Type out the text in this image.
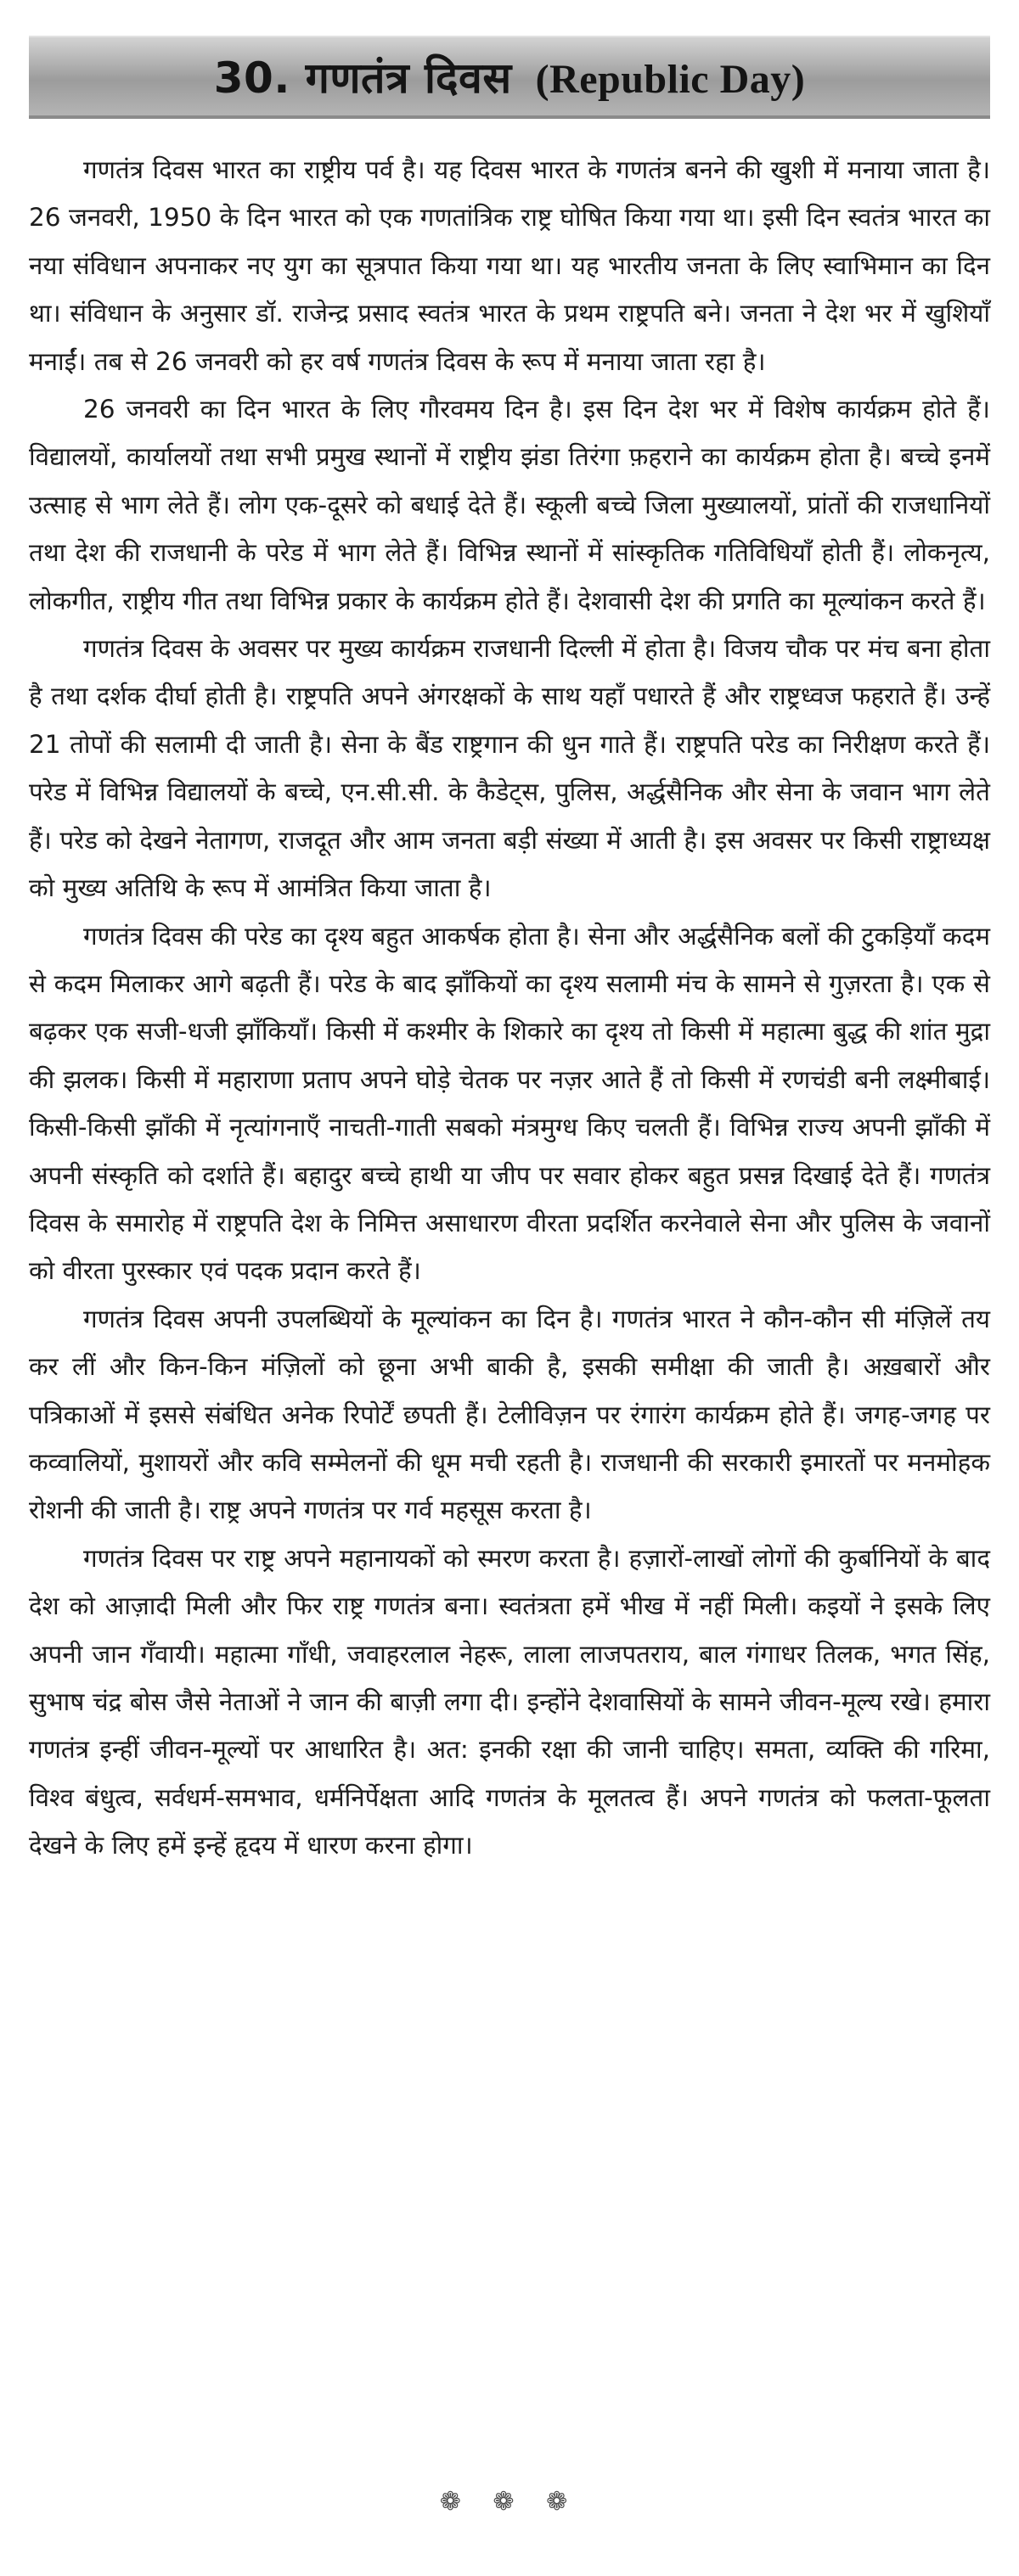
30. गणतंत्र दिवस (Republic Day)

गणतंत्र दिवस भारत का राष्ट्रीय पर्व है। यह दिवस भारत के गणतंत्र बनने की खुशी में मनाया जाता है। 26 जनवरी, 1950 के दिन भारत को एक गणतांत्रिक राष्ट्र घोषित किया गया था। इसी दिन स्वतंत्र भारत का नया संविधान अपनाकर नए युग का सूत्रपात किया गया था। यह भारतीय जनता के लिए स्वाभिमान का दिन था। संविधान के अनुसार डॉ. राजेन्द्र प्रसाद स्वतंत्र भारत के प्रथम राष्ट्रपति बने। जनता ने देश भर में खुशियाँ मनाईं। तब से 26 जनवरी को हर वर्ष गणतंत्र दिवस के रूप में मनाया जाता रहा है।

26 जनवरी का दिन भारत के लिए गौरवमय दिन है। इस दिन देश भर में विशेष कार्यक्रम होते हैं। विद्यालयों, कार्यालयों तथा सभी प्रमुख स्थानों में राष्ट्रीय झंडा तिरंगा फ़हराने का कार्यक्रम होता है। बच्चे इनमें उत्साह से भाग लेते हैं। लोग एक-दूसरे को बधाई देते हैं। स्कूली बच्चे जिला मुख्यालयों, प्रांतों की राजधानियों तथा देश की राजधानी के परेड में भाग लेते हैं। विभिन्न स्थानों में सांस्कृतिक गतिविधियाँ होती हैं। लोकनृत्य, लोकगीत, राष्ट्रीय गीत तथा विभिन्न प्रकार के कार्यक्रम होते हैं। देशवासी देश की प्रगति का मूल्यांकन करते हैं।

गणतंत्र दिवस के अवसर पर मुख्य कार्यक्रम राजधानी दिल्ली में होता है। विजय चौक पर मंच बना होता है तथा दर्शक दीर्घा होती है। राष्ट्रपति अपने अंगरक्षकों के साथ यहाँ पधारते हैं और राष्ट्रध्वज फहराते हैं। उन्हें 21 तोपों की सलामी दी जाती है। सेना के बैंड राष्ट्रगान की धुन गाते हैं। राष्ट्रपति परेड का निरीक्षण करते हैं। परेड में विभिन्न विद्यालयों के बच्चे, एन.सी.सी. के कैडेट्स, पुलिस, अर्द्धसैनिक और सेना के जवान भाग लेते हैं। परेड को देखने नेतागण, राजदूत और आम जनता बड़ी संख्या में आती है। इस अवसर पर किसी राष्ट्राध्यक्ष को मुख्य अतिथि के रूप में आमंत्रित किया जाता है।

गणतंत्र दिवस की परेड का दृश्य बहुत आकर्षक होता है। सेना और अर्द्धसैनिक बलों की टुकड़ियाँ कदम से कदम मिलाकर आगे बढ़ती हैं। परेड के बाद झाँकियों का दृश्य सलामी मंच के सामने से गुज़रता है। एक से बढ़कर एक सजी-धजी झाँकियाँ। किसी में कश्मीर के शिकारे का दृश्य तो किसी में महात्मा बुद्ध की शांत मुद्रा की झलक। किसी में महाराणा प्रताप अपने घोड़े चेतक पर नज़र आते हैं तो किसी में रणचंडी बनी लक्ष्मीबाई। किसी-किसी झाँकी में नृत्यांगनाएँ नाचती-गाती सबको मंत्रमुग्ध किए चलती हैं। विभिन्न राज्य अपनी झाँकी में अपनी संस्कृति को दर्शाते हैं। बहादुर बच्चे हाथी या जीप पर सवार होकर बहुत प्रसन्न दिखाई देते हैं। गणतंत्र दिवस के समारोह में राष्ट्रपति देश के निमित्त असाधारण वीरता प्रदर्शित करनेवाले सेना और पुलिस के जवानों को वीरता पुरस्कार एवं पदक प्रदान करते हैं।

गणतंत्र दिवस अपनी उपलब्धियों के मूल्यांकन का दिन है। गणतंत्र भारत ने कौन-कौन सी मंज़िलें तय कर लीं और किन-किन मंज़िलों को छूना अभी बाकी है, इसकी समीक्षा की जाती है। अख़बारों और पत्रिकाओं में इससे संबंधित अनेक रिपोर्टें छपती हैं। टेलीविज़न पर रंगारंग कार्यक्रम होते हैं। जगह-जगह पर कव्वालियों, मुशायरों और कवि सम्मेलनों की धूम मची रहती है। राजधानी की सरकारी इमारतों पर मनमोहक रोशनी की जाती है। राष्ट्र अपने गणतंत्र पर गर्व महसूस करता है।

गणतंत्र दिवस पर राष्ट्र अपने महानायकों को स्मरण करता है। हज़ारों-लाखों लोगों की कुर्बानियों के बाद देश को आज़ादी मिली और फिर राष्ट्र गणतंत्र बना। स्वतंत्रता हमें भीख में नहीं मिली। कइयों ने इसके लिए अपनी जान गँवायी। महात्मा गाँधी, जवाहरलाल नेहरू, लाला लाजपतराय, बाल गंगाधर तिलक, भगत सिंह, सुभाष चंद्र बोस जैसे नेताओं ने जान की बाज़ी लगा दी। इन्होंने देशवासियों के सामने जीवन-मूल्य रखे। हमारा गणतंत्र इन्हीं जीवन-मूल्यों पर आधारित है। अत: इनकी रक्षा की जानी चाहिए। समता, व्यक्ति की गरिमा, विश्व बंधुत्व, सर्वधर्म-समभाव, धर्मनिर्पेक्षता आदि गणतंत्र के मूलतत्व हैं। अपने गणतंत्र को फलता-फूलता देखने के लिए हमें इन्हें हृदय में धारण करना होगा।

❁ ❁ ❁
